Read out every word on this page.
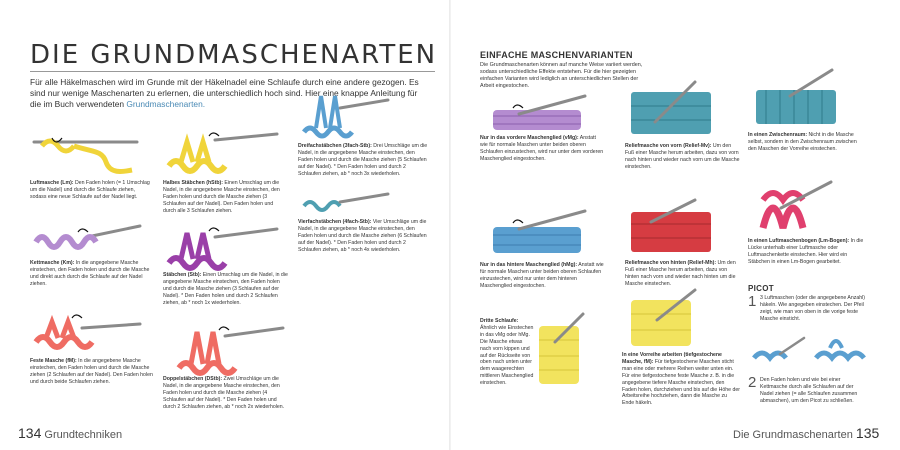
DIE GRUNDMASCHENARTEN
Für alle Häkelmaschen wird im Grunde mit der Häkelnadel eine Schlaufe durch eine andere gezogen. Es sind nur wenige Maschenarten zu erlernen, die unterschiedlich hoch sind. Hier eine knappe Anleitung für die im Buch verwendeten Grundmaschenarten.
Luftmasche (Lm): Den Faden holen (= 1 Umschlag um die Nadel) und durch die Schlaufe ziehen, sodass eine neue Schlaufe auf der Nadel liegt.
Kettmasche (Km): In die angegebene Masche einstechen, den Faden holen und durch die Masche und direkt auch durch die Schlaufe auf der Nadel ziehen.
Feste Masche (fM): In die angegebene Masche einstechen, den Faden holen und durch die Masche ziehen (2 Schlaufen auf der Nadel). Den Faden holen und durch beide Schlaufen ziehen.
Halbes Stäbchen (hStb): Einen Umschlag um die Nadel, in die angegebene Masche einstechen, den Faden holen und durch die Masche ziehen (3 Schlaufen auf der Nadel). Den Faden holen und durch alle 3 Schlaufen ziehen.
Stäbchen (Stb): Einen Umschlag um die Nadel, in die angegebene Masche einstechen, den Faden holen und durch die Masche ziehen (3 Schlaufen auf der Nadel). * Den Faden holen und durch 2 Schlaufen ziehen, ab * noch 1x wiederholen.
Doppelstäbchen (DStb): Zwei Umschläge um die Nadel, in die angegebene Masche einstechen, den Faden holen und durch die Masche ziehen (4 Schlaufen auf der Nadel). * Den Faden holen und durch 2 Schlaufen ziehen, ab * noch 2x wiederholen.
Dreifachstäbchen (3fach-Stb): Drei Umschläge um die Nadel, in die angegebene Masche einstechen, den Faden holen und durch die Masche ziehen (5 Schlaufen auf der Nadel). * Den Faden holen und durch 2 Schlaufen ziehen, ab * noch 3x wiederholen.
Vierfachstäbchen (4fach-Stb): Vier Umschläge um die Nadel, in die angegebene Masche einstechen, den Faden holen und durch die Masche ziehen (6 Schlaufen auf der Nadel). * Den Faden holen und durch 2 Schlaufen ziehen, ab * noch 4x wiederholen.
134 Grundtechniken
EINFACHE MASCHENVARIANTEN
Die Grundmaschenarten können auf manche Weise variiert werden, sodass unterschiedliche Effekte entstehen. Für die hier gezeigten einfachen Varianten wird lediglich an unterschiedlichen Stellen der Arbeit eingestochen.
Nur in das vordere Maschenglied (vMg): Anstatt wie für normale Maschen unter beiden oberen Schlaufen einzustechen, wird nur unter dem vorderen Maschenglied eingestochen.
Nur in das hintere Maschenglied (hMg): Anstatt wie für normale Maschen unter beiden oberen Schlaufen einzustechen, wird nur unter dem hinteren Maschenglied eingestochen.
Dritte Schlaufe: Ähnlich wie Einstechen in das vMg oder hMg. Die Masche etwas nach vorn kippen und auf der Rückseite von oben nach unten unter dem waagerechten mittleren Maschenglied einstechen.
Reliefmasche von vorn (Relief-Mv): Um den Fuß einer Masche herum arbeiten, dazu von vorn nach hinten und wieder nach vorn um die Masche einstechen.
Reliefmasche von hinten (Relief-Mh): Um den Fuß einer Masche herum arbeiten, dazu von hinten nach vorn und wieder nach hinten um die Masche einstechen.
In eine Vorreihe arbeiten (tiefgestochene Masche, fM): Für tiefgestochene Maschen sticht man eine oder mehrere Reihen weiter unten ein. Für eine tiefgestochene feste Masche z. B. in die angegebene tiefere Masche einstechen, den Faden holen, durchziehen und bis auf die Höhe der Arbeitsreihe hochziehen, dann die Masche zu Ende häkeln.
In einen Zwischenraum: Nicht in die Masche selbst, sondern in den Zwischenraum zwischen den Maschen der Vorreihe einstechen.
In einen Luftmaschenbogen (Lm-Bogen): In die Lücke unterhalb einer Luftmasche oder Luftmaschenkette einstechen. Hier wird ein Stäbchen in einen Lm-Bogen gearbeitet.
PICOT
1 3 Luftmaschen (oder die angegebene Anzahl) häkeln. Wie angegeben einstechen. Der Pfeil zeigt, wie man von oben in die vorige feste Masche einsticht.
2 Den Faden holen und wie bei einer Kettmasche durch alle Schlaufen auf der Nadel ziehen (= alle Schlaufen zusammen abmaschen), um den Picot zu schließen.
Die Grundmaschenarten 135
